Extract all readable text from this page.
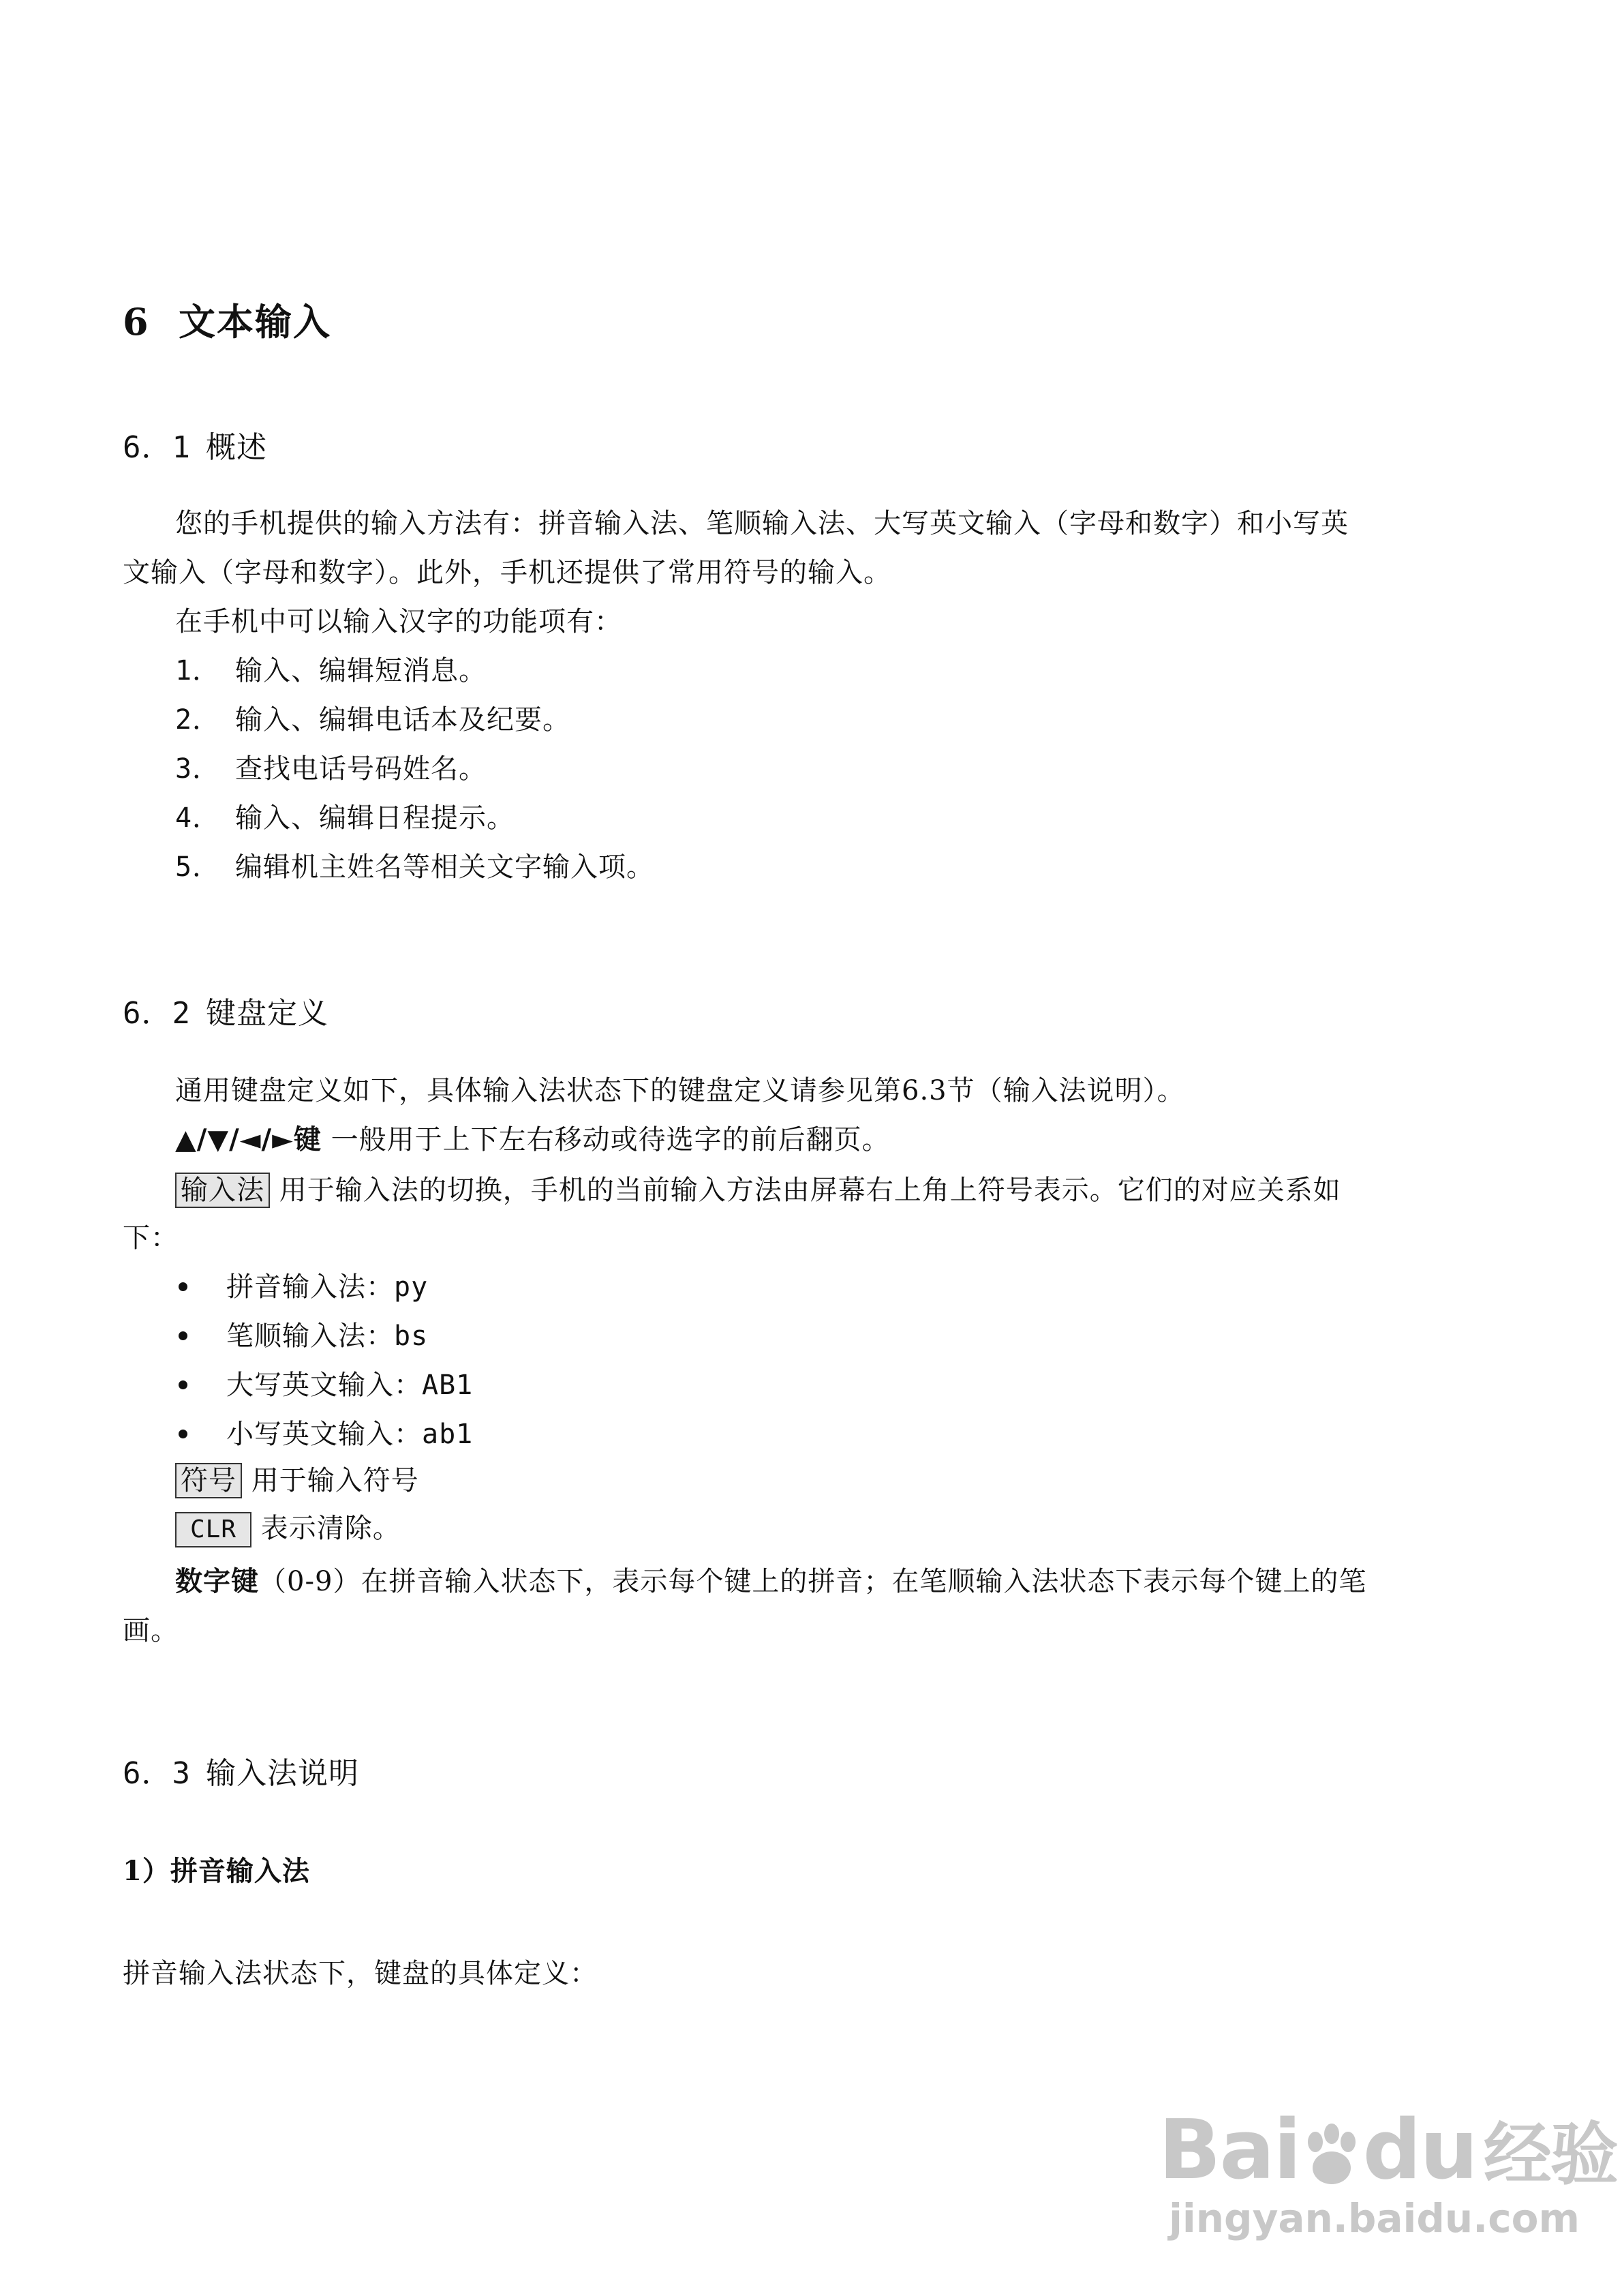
6 文本输入
6．1 概述
您的手机提供的输入方法有：拼音输入法、笔顺输入法、大写英文输入（字母和数字）和小写英
文输入（字母和数字）。此外，手机还提供了常用符号的输入。
在手机中可以输入汉字的功能项有：
1． 输入、编辑短消息。
2． 输入、编辑电话本及纪要。
3． 查找电话号码姓名。
4． 输入、编辑日程提示。
5． 编辑机主姓名等相关文字输入项。
6．2 键盘定义
通用键盘定义如下，具体输入法状态下的键盘定义请参见第6.3节（输入法说明）。
▲/▼/◄/►键 一般用于上下左右移动或待选字的前后翻页。
输入法 用于输入法的切换，手机的当前输入方法由屏幕右上角上符号表示。它们的对应关系如
下：
拼音输入法：py
笔顺输入法：bs
大写英文输入：AB1
小写英文输入：ab1
符号 用于输入符号
CLR 表示清除。
数字键（0-9）在拼音输入状态下，表示每个键上的拼音；在笔顺输入法状态下表示每个键上的笔
画。
6．3 输入法说明
1）拼音输入法
拼音输入法状态下，键盘的具体定义：
Bai du 经验
jingyan.baidu.com
